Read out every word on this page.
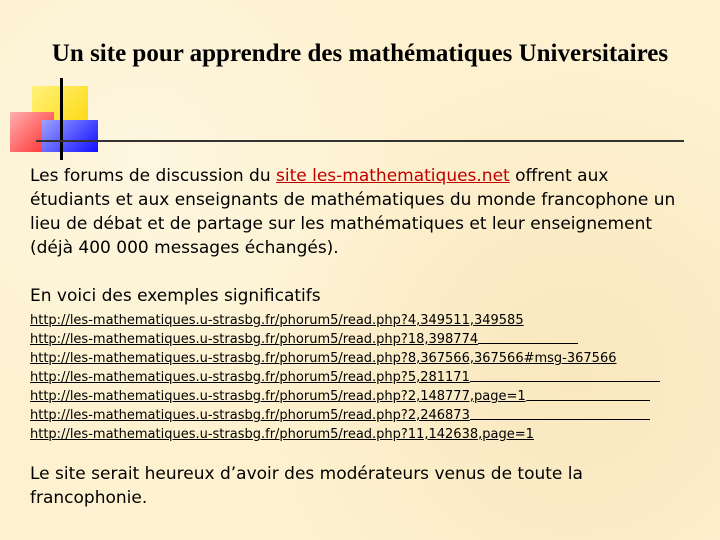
Un site pour apprendre des mathématiques Universitaires
Les forums de discussion du site les-mathematiques.net offrent aux étudiants et aux enseignants de mathématiques du monde francophone un lieu de débat et de partage sur les mathématiques et leur enseignement (déjà 400 000 messages échangés).
En voici des exemples significatifs
http://les-mathematiques.u-strasbg.fr/phorum5/read.php?4,349511,349585
http://les-mathematiques.u-strasbg.fr/phorum5/read.php?18,398774
http://les-mathematiques.u-strasbg.fr/phorum5/read.php?8,367566,367566#msg-367566
http://les-mathematiques.u-strasbg.fr/phorum5/read.php?5,281171
http://les-mathematiques.u-strasbg.fr/phorum5/read.php?2,148777,page=1
http://les-mathematiques.u-strasbg.fr/phorum5/read.php?2,246873
http://les-mathematiques.u-strasbg.fr/phorum5/read.php?11,142638,page=1
Le site serait heureux d’avoir des modérateurs venus de toute la francophonie.
